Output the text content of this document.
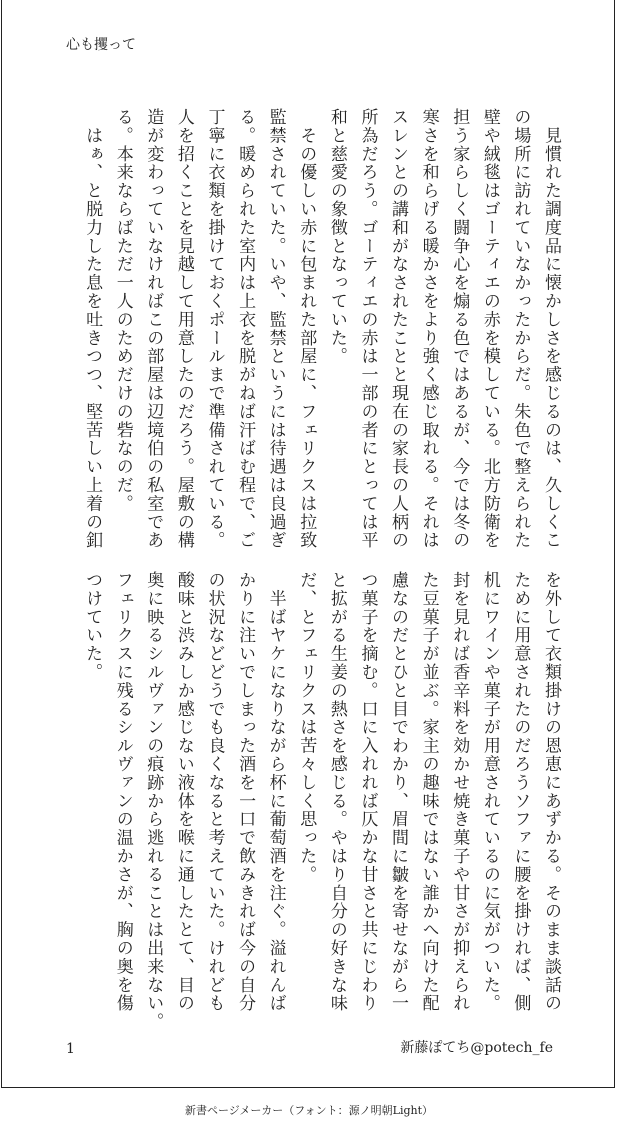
心も攫って
　見慣れた調度品に懐かしさを感じるのは、久しくこ
の場所に訪れていなかったからだ。朱色で整えられた
壁や絨毯はゴーティエの赤を模している。北方防衛を
担う家らしく闘争心を煽る色ではあるが、今では冬の
寒さを和らげる暖かさをより強く感じ取れる。それは
スレンとの講和がなされたことと現在の家長の人柄の
所為だろう。ゴーティエの赤は一部の者にとっては平
和と慈愛の象徴となっていた。
　その優しい赤に包まれた部屋に、フェリクスは拉致
監禁されていた。いや、監禁というには待遇は良過ぎ
る。暖められた室内は上衣を脱がねば汗ばむ程で、ご
丁寧に衣類を掛けておくポールまで準備されている。
人を招くことを見越して用意したのだろう。屋敷の構
造が変わっていなければこの部屋は辺境伯の私室であ
る。本来ならばただ一人のためだけの砦なのだ。
　はぁ、と脱力した息を吐きつつ、堅苦しい上着の釦
を外して衣類掛けの恩恵にあずかる。そのまま談話の
ために用意されたのだろうソファに腰を掛ければ、側
机にワインや菓子が用意されているのに気がついた。
封を見れば香辛料を効かせ焼き菓子や甘さが抑えられ
た豆菓子が並ぶ。家主の趣味ではない誰かへ向けた配
慮なのだとひと目でわかり、眉間に皺を寄せながら一
つ菓子を摘む。口に入れれば仄かな甘さと共にじわり
と拡がる生姜の熱さを感じる。やはり自分の好きな味
だ、とフェリクスは苦々しく思った。
　半ばヤケになりながら杯に葡萄酒を注ぐ。溢れんば
かりに注いでしまった酒を一口で飲みきれば今の自分
の状況などどうでも良くなると考えていた。けれども
酸味と渋みしか感じない液体を喉に通したとて、目の
奥に映るシルヴァンの痕跡から逃れることは出来ない。
フェリクスに残るシルヴァンの温かさが、胸の奥を傷
つけていた。
1	新藤ぽてち@potech_fe
新書ページメーカー（フォント：源ノ明朝Light）
